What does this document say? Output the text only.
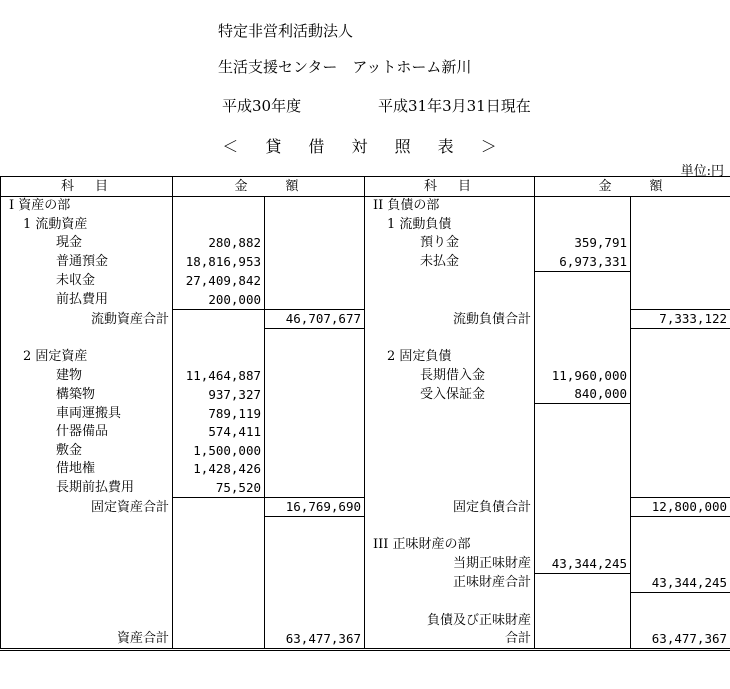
特定非営利活動法人
生活支援センター　アットホーム新川
平成30年度	平成31年3月31日現在
＜ 貸 借 対 照 表 ＞
単位:円
科　目	金　　額		科　目	金　　額	
I 資産の部			II 負債の部		
1 流動資産			1 流動負債		
現金	280,882		預り金	359,791	
普通預金	18,816,953		未払金	6,973,331	
未収金	27,409,842				
前払費用	200,000				
流動資産合計		46,707,677	流動負債合計		7,333,122

2 固定資産			2 固定負債		
建物	11,464,887		長期借入金	11,960,000	
構築物	937,327		受入保証金	840,000	
車両運搬具	789,119				
什器備品	574,411				
敷金	1,500,000				
借地権	1,428,426				
長期前払費用	75,520				
固定資産合計		16,769,690	固定負債合計		12,800,000

			III 正味財産の部		
			当期正味財産	43,344,245	
			正味財産合計		43,344,245

			負債及び正味財産		
資産合計		63,477,367	合計		63,477,367
